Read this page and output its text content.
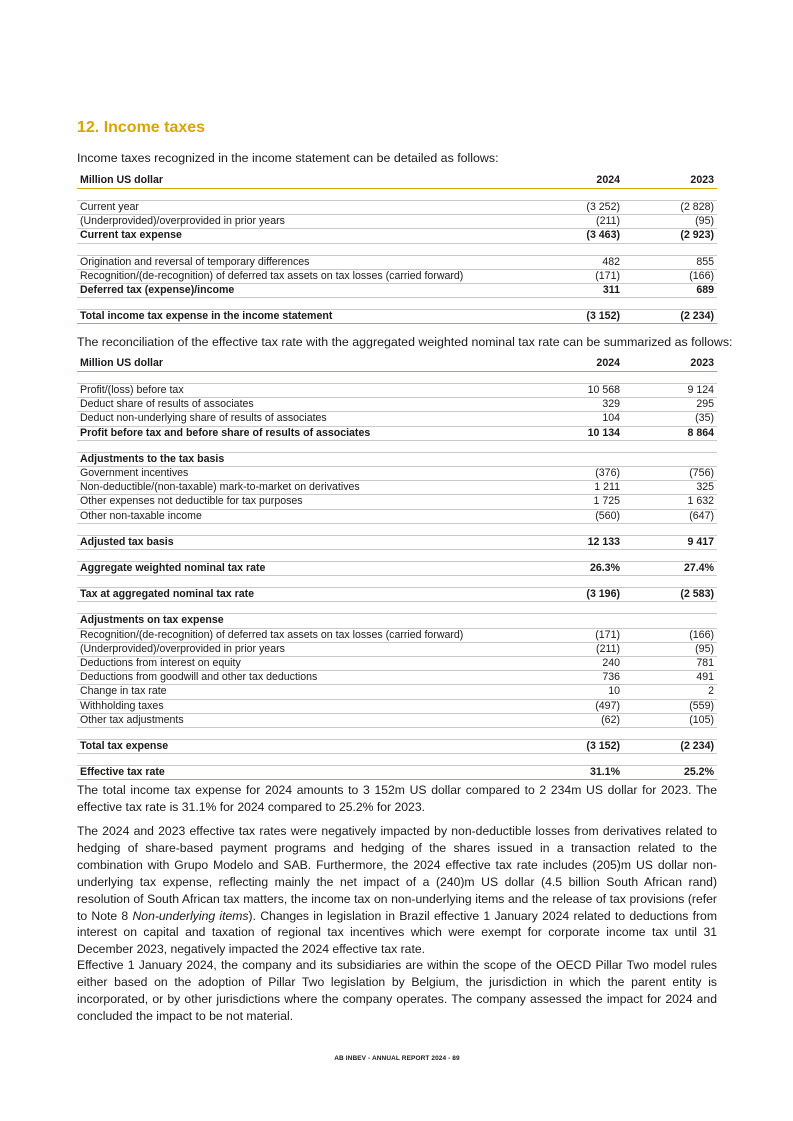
12. Income taxes

Income taxes recognized in the income statement can be detailed as follows:

Million US dollar	2024	2023

Current year	(3 252)	(2 828)
(Underprovided)/overprovided in prior years	(211)	(95)
Current tax expense	(3 463)	(2 923)

Origination and reversal of temporary differences	482	855
Recognition/(de-recognition) of deferred tax assets on tax losses (carried forward)	(171)	(166)
Deferred tax (expense)/income	311	689

Total income tax expense in the income statement	(3 152)	(2 234)

The reconciliation of the effective tax rate with the aggregated weighted nominal tax rate can be summarized as follows:

Million US dollar	2024	2023

Profit/(loss) before tax	10 568	9 124
Deduct share of results of associates	329	295
Deduct non-underlying share of results of associates	104	(35)
Profit before tax and before share of results of associates	10 134	8 864

Adjustments to the tax basis		
Government incentives	(376)	(756)
Non-deductible/(non-taxable) mark-to-market on derivatives	1 211	325
Other expenses not deductible for tax purposes	1 725	1 632
Other non-taxable income	(560)	(647)

Adjusted tax basis	12 133	9 417

Aggregate weighted nominal tax rate	26.3%	27.4%

Tax at aggregated nominal tax rate	(3 196)	(2 583)

Adjustments on tax expense		
Recognition/(de-recognition) of deferred tax assets on tax losses (carried forward)	(171)	(166)
(Underprovided)/overprovided in prior years	(211)	(95)
Deductions from interest on equity	240	781
Deductions from goodwill and other tax deductions	736	491
Change in tax rate	10	2
Withholding taxes	(497)	(559)
Other tax adjustments	(62)	(105)

Total tax expense	(3 152)	(2 234)

Effective tax rate	31.1%	25.2%

The total income tax expense for 2024 amounts to 3 152m US dollar compared to 2 234m US dollar for 2023. The effective tax rate is 31.1% for 2024 compared to 25.2% for 2023.

The 2024 and 2023 effective tax rates were negatively impacted by non-deductible losses from derivatives related to hedging of share-based payment programs and hedging of the shares issued in a transaction related to the combination with Grupo Modelo and SAB. Furthermore, the 2024 effective tax rate includes (205)m US dollar non-underlying tax expense, reflecting mainly the net impact of a (240)m US dollar (4.5 billion South African rand) resolution of South African tax matters, the income tax on non-underlying items and the release of tax provisions (refer to Note 8 Non-underlying items). Changes in legislation in Brazil effective 1 January 2024 related to deductions from interest on capital and taxation of regional tax incentives which were exempt for corporate income tax until 31 December 2023, negatively impacted the 2024 effective tax rate.

Effective 1 January 2024, the company and its subsidiaries are within the scope of the OECD Pillar Two model rules either based on the adoption of Pillar Two legislation by Belgium, the jurisdiction in which the parent entity is incorporated, or by other jurisdictions where the company operates. The company assessed the impact for 2024 and concluded the impact to be not material.

AB INBEV - ANNUAL REPORT 2024 - 89
